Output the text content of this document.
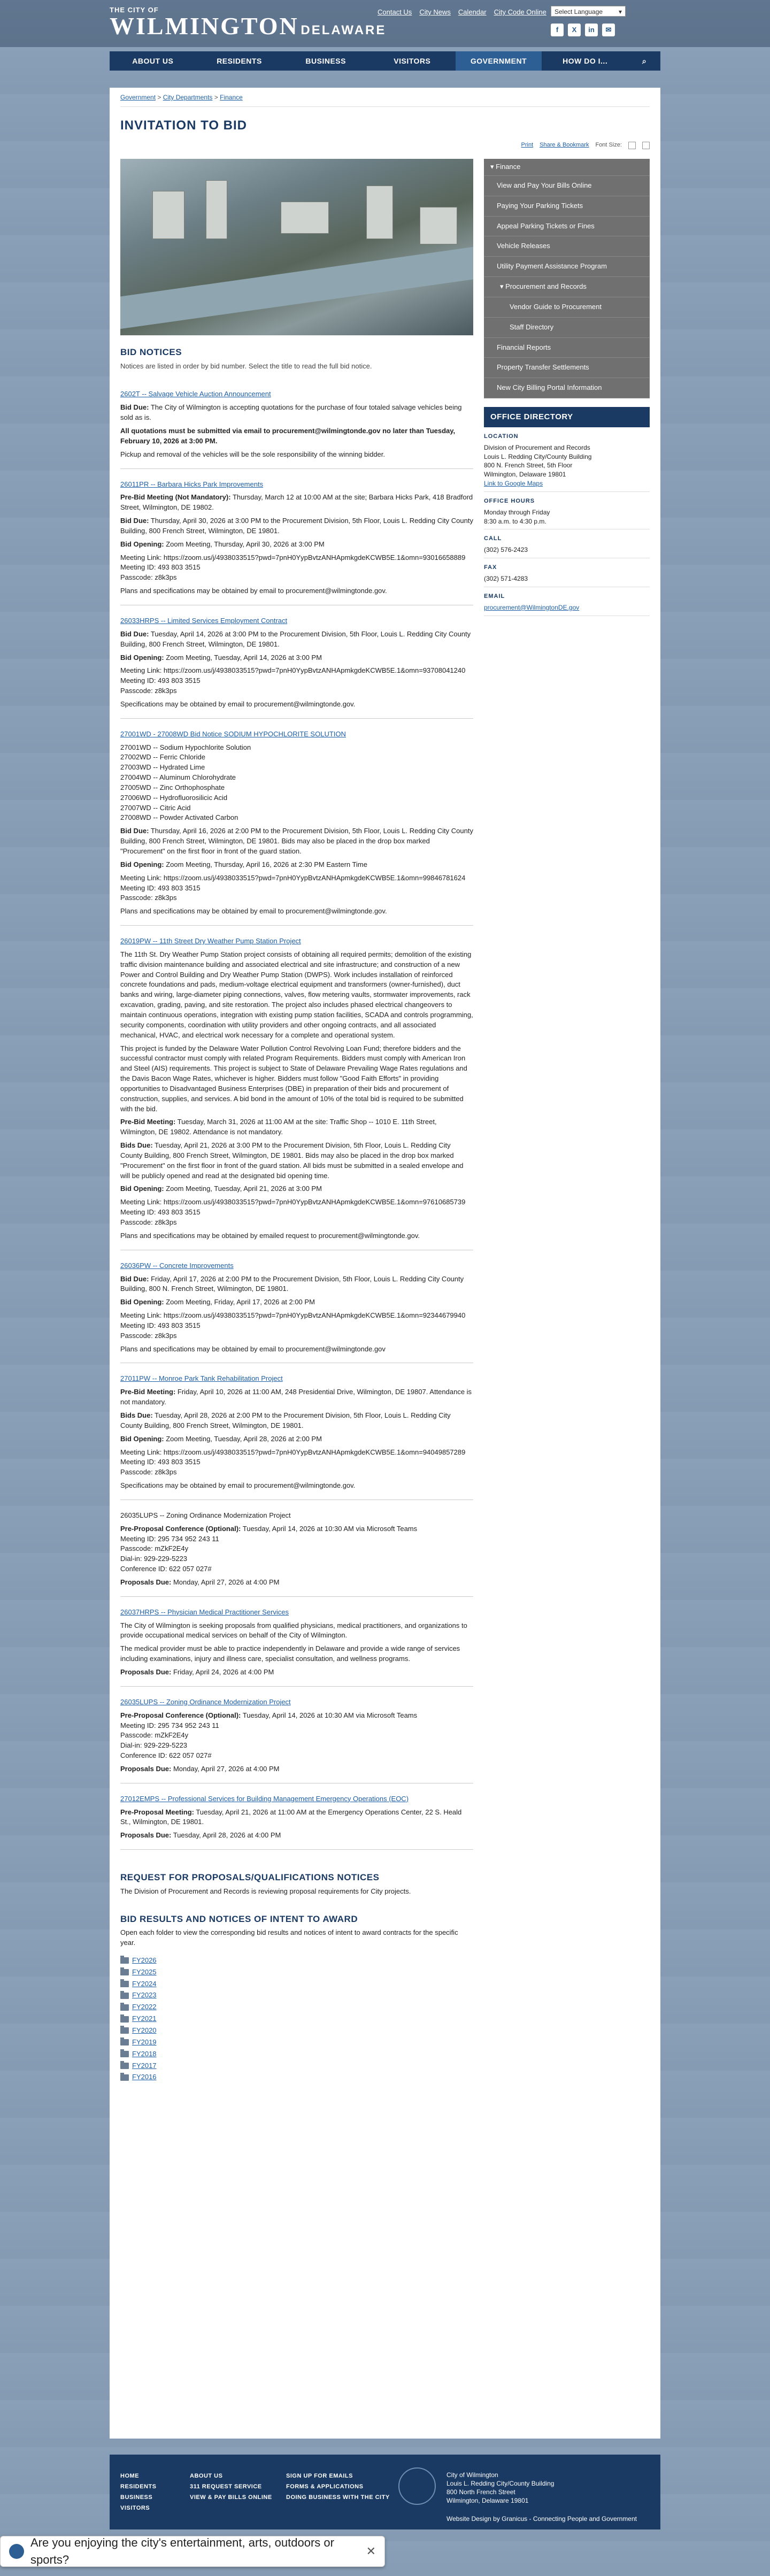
THE CITY OF
WILMINGTON DELAWARE
Contact Us City News Calendar City Code Online Select Language ▾
f	X	in	✉
ABOUT US	RESIDENTS	BUSINESS	VISITORS	GOVERNMENT	HOW DO I...	⌕
Government > City Departments > Finance
INVITATION TO BID
Print Share & Bookmark Font Size:
BID NOTICES

Notices are listed in order by bid number. Select the title to read the full bid notice.

2602T -- Salvage Vehicle Auction Announcement

Bid Due: The City of Wilmington is accepting quotations for the purchase of four totaled salvage vehicles being sold as is.

All quotations must be submitted via email to procurement@wilmingtonde.gov no later than Tuesday, February 10, 2026 at 3:00 PM.

Pickup and removal of the vehicles will be the sole responsibility of the winning bidder.

26011PR -- Barbara Hicks Park Improvements

Pre-Bid Meeting (Not Mandatory): Thursday, March 12 at 10:00 AM at the site; Barbara Hicks Park, 418 Bradford Street, Wilmington, DE 19802.

Bid Due: Thursday, April 30, 2026 at 3:00 PM to the Procurement Division, 5th Floor, Louis L. Redding City County Building, 800 French Street, Wilmington, DE 19801.

Bid Opening: Zoom Meeting, Thursday, April 30, 2026 at 3:00 PM

Meeting Link: https://zoom.us/j/4938033515?pwd=7pnH0YypBvtzANHApmkgdeKCWB5E.1&omn=93016658889
Meeting ID: 493 803 3515
Passcode: z8k3ps

Plans and specifications may be obtained by email to procurement@wilmingtonde.gov.

26033HRPS -- Limited Services Employment Contract

Bid Due: Tuesday, April 14, 2026 at 3:00 PM to the Procurement Division, 5th Floor, Louis L. Redding City County Building, 800 French Street, Wilmington, DE 19801.

Bid Opening: Zoom Meeting, Tuesday, April 14, 2026 at 3:00 PM

Meeting Link: https://zoom.us/j/4938033515?pwd=7pnH0YypBvtzANHApmkgdeKCWB5E.1&omn=93708041240
Meeting ID: 493 803 3515
Passcode: z8k3ps

Specifications may be obtained by email to procurement@wilmingtonde.gov.

27001WD - 27008WD Bid Notice SODIUM HYPOCHLORITE SOLUTION

27001WD -- Sodium Hypochlorite Solution
27002WD -- Ferric Chloride
27003WD -- Hydrated Lime
27004WD -- Aluminum Chlorohydrate
27005WD -- Zinc Orthophosphate
27006WD -- Hydrofluorosilicic Acid
27007WD -- Citric Acid
27008WD -- Powder Activated Carbon

Bid Due: Thursday, April 16, 2026 at 2:00 PM to the Procurement Division, 5th Floor, Louis L. Redding City County Building, 800 French Street, Wilmington, DE 19801. Bids may also be placed in the drop box marked "Procurement" on the first floor in front of the guard station.

Bid Opening: Zoom Meeting, Thursday, April 16, 2026 at 2:30 PM Eastern Time

Meeting Link: https://zoom.us/j/4938033515?pwd=7pnH0YypBvtzANHApmkgdeKCWB5E.1&omn=99846781624
Meeting ID: 493 803 3515
Passcode: z8k3ps

Plans and specifications may be obtained by email to procurement@wilmingtonde.gov.

26019PW -- 11th Street Dry Weather Pump Station Project

The 11th St. Dry Weather Pump Station project consists of obtaining all required permits; demolition of the existing traffic division maintenance building and associated electrical and site infrastructure; and construction of a new Power and Control Building and Dry Weather Pump Station (DWPS). Work includes installation of reinforced concrete foundations and pads, medium-voltage electrical equipment and transformers (owner-furnished), duct banks and wiring, large-diameter piping connections, valves, flow metering vaults, stormwater improvements, rack excavation, grading, paving, and site restoration. The project also includes phased electrical changeovers to maintain continuous operations, integration with existing pump station facilities, SCADA and controls programming, security components, coordination with utility providers and other ongoing contracts, and all associated mechanical, HVAC, and electrical work necessary for a complete and operational system.

This project is funded by the Delaware Water Pollution Control Revolving Loan Fund; therefore bidders and the successful contractor must comply with related Program Requirements. Bidders must comply with American Iron and Steel (AIS) requirements. This project is subject to State of Delaware Prevailing Wage Rates regulations and the Davis Bacon Wage Rates, whichever is higher. Bidders must follow "Good Faith Efforts" in providing opportunities to Disadvantaged Business Enterprises (DBE) in preparation of their bids and procurement of construction, supplies, and services. A bid bond in the amount of 10% of the total bid is required to be submitted with the bid.

Pre-Bid Meeting: Tuesday, March 31, 2026 at 11:00 AM at the site: Traffic Shop -- 1010 E. 11th Street, Wilmington, DE 19802. Attendance is not mandatory.

Bids Due: Tuesday, April 21, 2026 at 3:00 PM to the Procurement Division, 5th Floor, Louis L. Redding City County Building, 800 French Street, Wilmington, DE 19801. Bids may also be placed in the drop box marked "Procurement" on the first floor in front of the guard station. All bids must be submitted in a sealed envelope and will be publicly opened and read at the designated bid opening time.

Bid Opening: Zoom Meeting, Tuesday, April 21, 2026 at 3:00 PM

Meeting Link: https://zoom.us/j/4938033515?pwd=7pnH0YypBvtzANHApmkgdeKCWB5E.1&omn=97610685739
Meeting ID: 493 803 3515
Passcode: z8k3ps

Plans and specifications may be obtained by emailed request to procurement@wilmingtonde.gov.

26036PW -- Concrete Improvements

Bid Due: Friday, April 17, 2026 at 2:00 PM to the Procurement Division, 5th Floor, Louis L. Redding City County Building, 800 N. French Street, Wilmington, DE 19801.

Bid Opening: Zoom Meeting, Friday, April 17, 2026 at 2:00 PM

Meeting Link: https://zoom.us/j/4938033515?pwd=7pnH0YypBvtzANHApmkgdeKCWB5E.1&omn=92344679940
Meeting ID: 493 803 3515
Passcode: z8k3ps

Plans and specifications may be obtained by email to procurement@wilmingtonde.gov

27011PW -- Monroe Park Tank Rehabilitation Project

Pre-Bid Meeting: Friday, April 10, 2026 at 11:00 AM, 248 Presidential Drive, Wilmington, DE 19807. Attendance is not mandatory.

Bids Due: Tuesday, April 28, 2026 at 2:00 PM to the Procurement Division, 5th Floor, Louis L. Redding City County Building, 800 French Street, Wilmington, DE 19801.

Bid Opening: Zoom Meeting, Tuesday, April 28, 2026 at 2:00 PM

Meeting Link: https://zoom.us/j/4938033515?pwd=7pnH0YypBvtzANHApmkgdeKCWB5E.1&omn=94049857289
Meeting ID: 493 803 3515
Passcode: z8k3ps

Specifications may be obtained by email to procurement@wilmingtonde.gov.

26035LUPS -- Zoning Ordinance Modernization Project

Pre-Proposal Conference (Optional): Tuesday, April 14, 2026 at 10:30 AM via Microsoft Teams
Meeting ID: 295 734 952 243 11
Passcode: mZkF2E4y
Dial-in: 929-229-5223
Conference ID: 622 057 027#

Proposals Due: Monday, April 27, 2026 at 4:00 PM

26037HRPS -- Physician Medical Practitioner Services

The City of Wilmington is seeking proposals from qualified physicians, medical practitioners, and organizations to provide occupational medical services on behalf of the City of Wilmington.

The medical provider must be able to practice independently in Delaware and provide a wide range of services including examinations, injury and illness care, specialist consultation, and wellness programs.

Proposals Due: Friday, April 24, 2026 at 4:00 PM

26035LUPS -- Zoning Ordinance Modernization Project

Pre-Proposal Conference (Optional): Tuesday, April 14, 2026 at 10:30 AM via Microsoft Teams
Meeting ID: 295 734 952 243 11
Passcode: mZkF2E4y
Dial-in: 929-229-5223
Conference ID: 622 057 027#

Proposals Due: Monday, April 27, 2026 at 4:00 PM

27012EMPS -- Professional Services for Building Management Emergency Operations (EOC)

Pre-Proposal Meeting: Tuesday, April 21, 2026 at 11:00 AM at the Emergency Operations Center, 22 S. Heald St., Wilmington, DE 19801.

Proposals Due: Tuesday, April 28, 2026 at 4:00 PM

REQUEST FOR PROPOSALS/QUALIFICATIONS NOTICES

The Division of Procurement and Records is reviewing proposal requirements for City projects.

BID RESULTS AND NOTICES OF INTENT TO AWARD

Open each folder to view the corresponding bid results and notices of intent to award contracts for the specific year.

FY2026
FY2025
FY2024
FY2023
FY2022
FY2021
FY2020
FY2019
FY2018
FY2017
FY2016
▾ Finance
View and Pay Your Bills Online
Paying Your Parking Tickets
Appeal Parking Tickets or Fines
Vehicle Releases
Utility Payment Assistance Program
▾ Procurement and Records
Vendor Guide to Procurement
Staff Directory
Financial Reports
Property Transfer Settlements
New City Billing Portal Information
OFFICE DIRECTORY
LOCATION

Division of Procurement and Records
Louis L. Redding City/County Building
800 N. French Street, 5th Floor
Wilmington, Delaware 19801

Link to Google Maps

OFFICE HOURS

Monday through Friday
8:30 a.m. to 4:30 p.m.

CALL

(302) 576-2423

FAX

(302) 571-4283

EMAIL

procurement@WilmingtonDE.gov

City of Wilmington
Louis L. Redding City/County Building
800 North French Street
Wilmington, Delaware 19801
Website Design by Granicus - Connecting People and Government
HOME
RESIDENTS
BUSINESS
VISITORS
ABOUT US
311 REQUEST SERVICE
VIEW & PAY BILLS ONLINE
SIGN UP FOR EMAILS
FORMS & APPLICATIONS
DOING BUSINESS WITH THE CITY
Are you enjoying the city's entertainment, arts, outdoors or sports?
✕
